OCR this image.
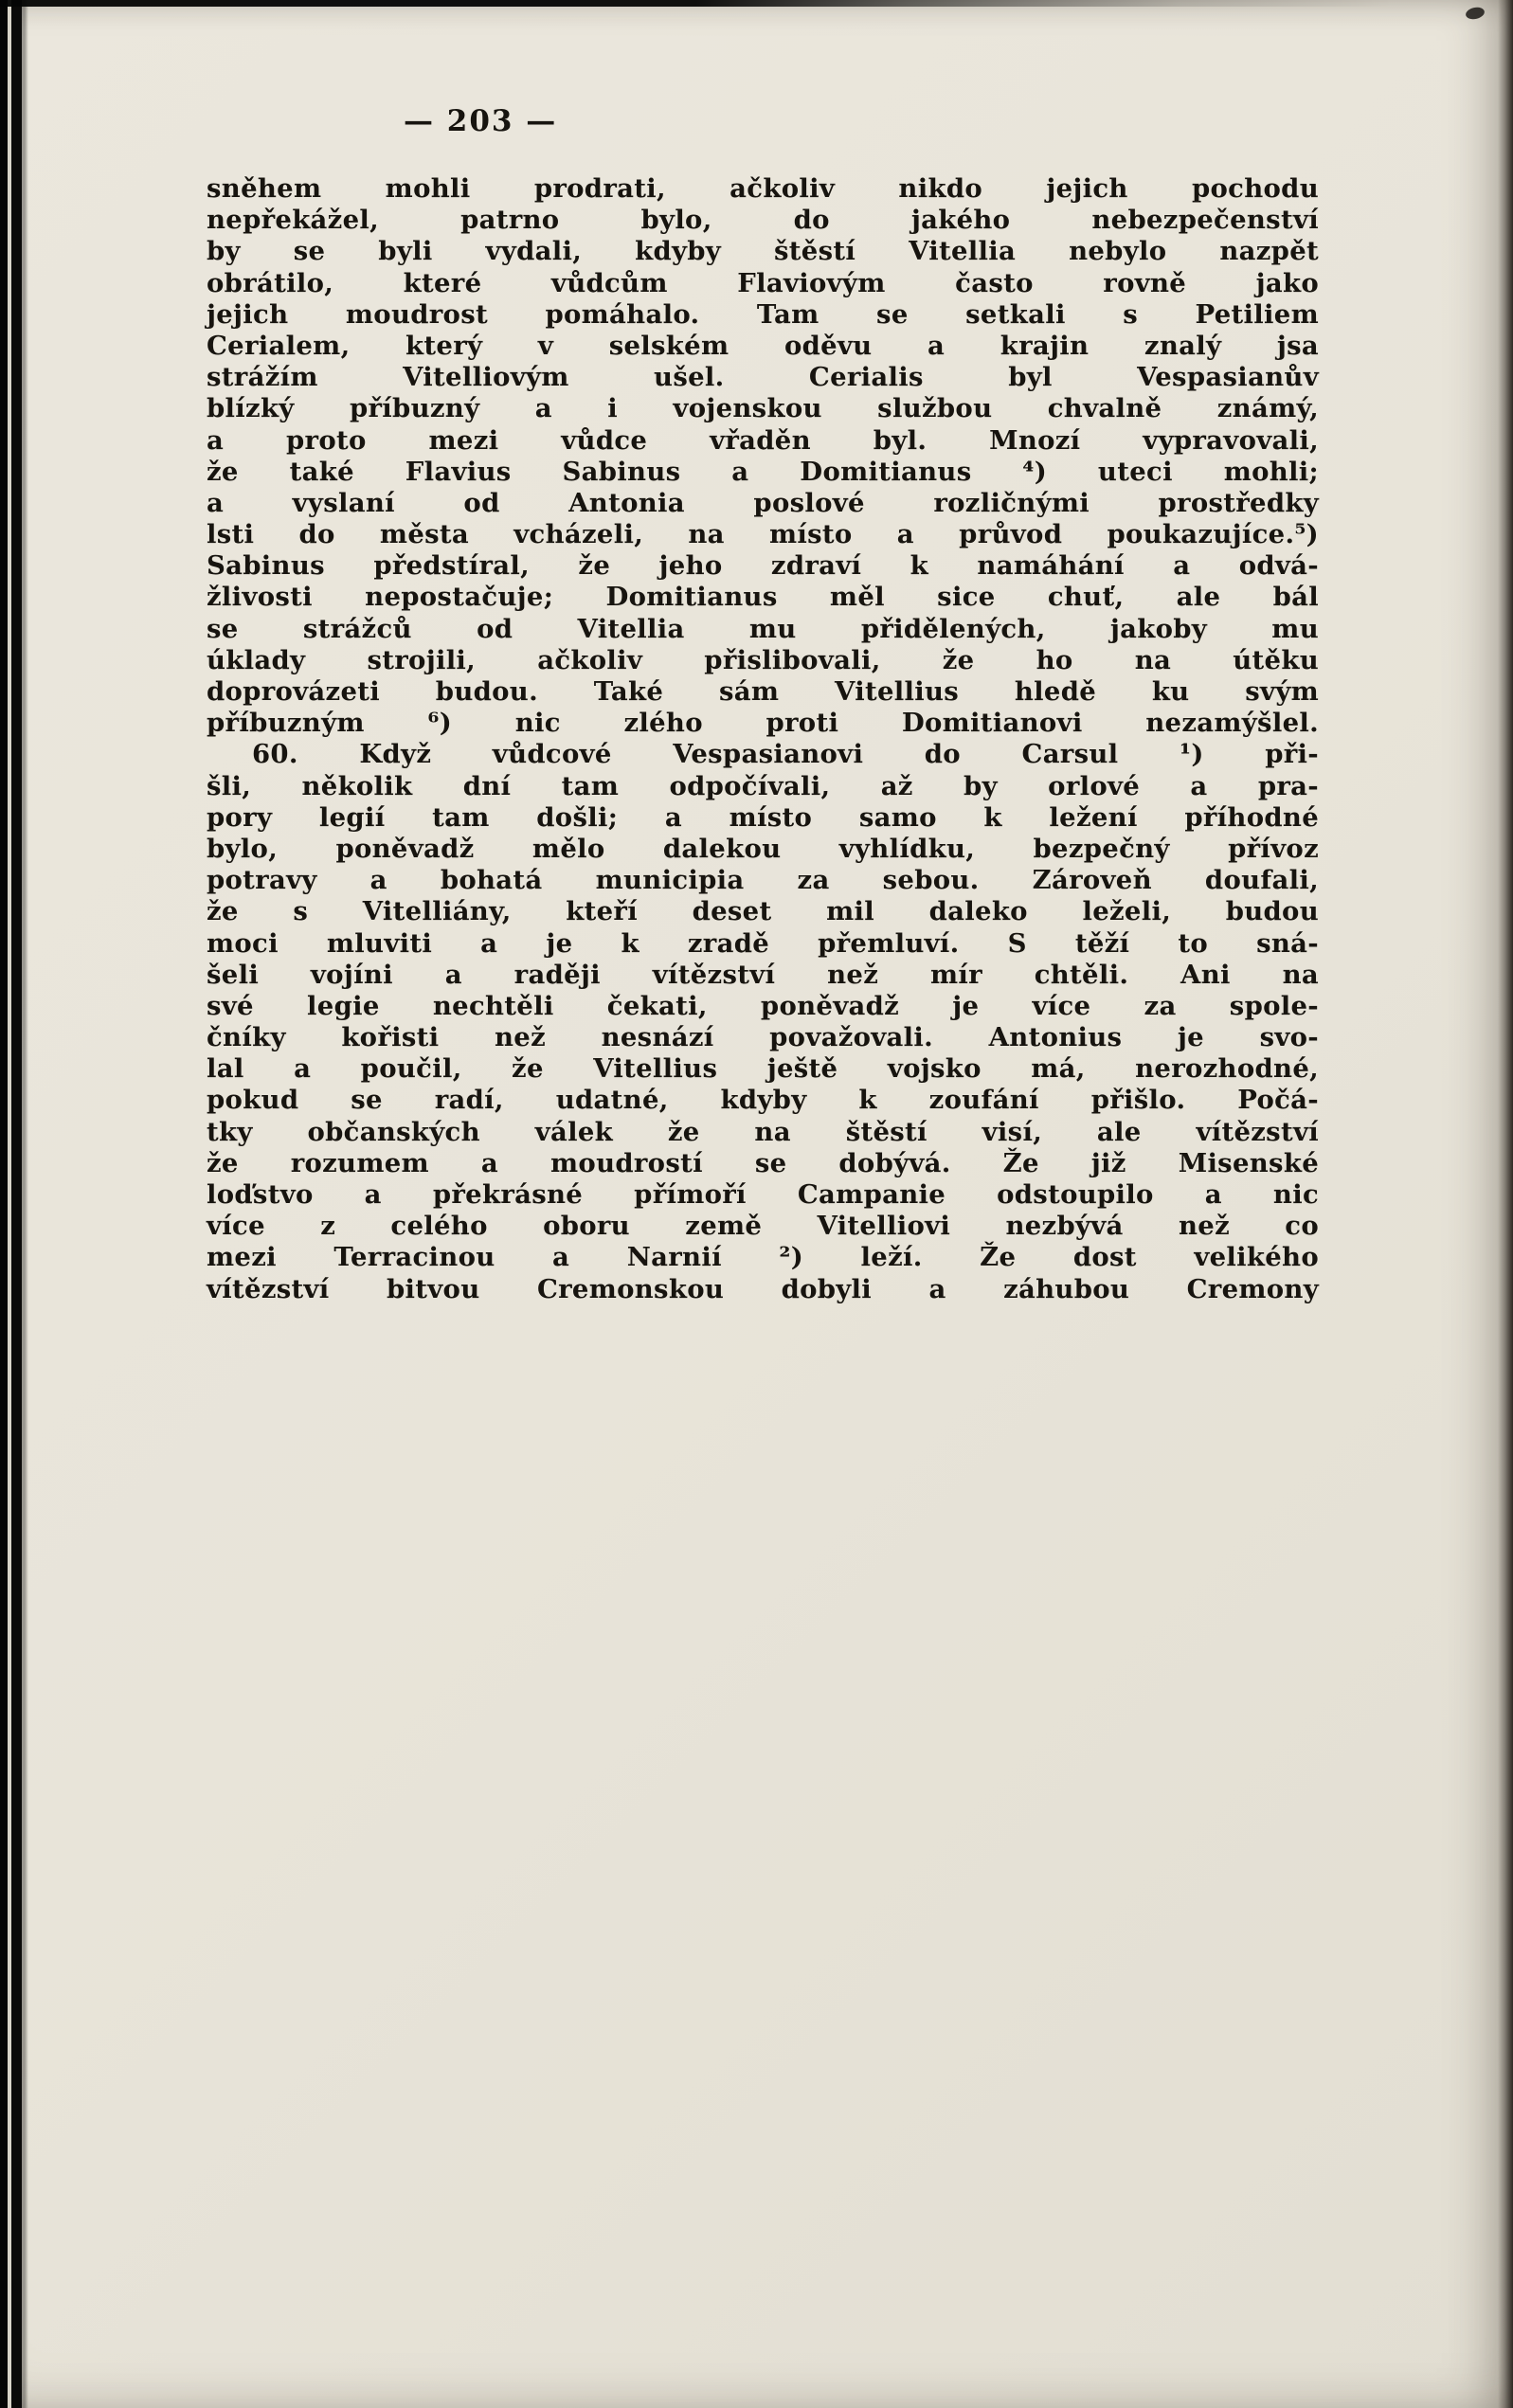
— 203 —
sněhem mohli prodrati, ačkoliv nikdo jejich pochodu
nepřekážel, patrno bylo, do jakého nebezpečenství
by se byli vydali, kdyby štěstí Vitellia nebylo nazpět
obrátilo, které vůdcům Flaviovým často rovně jako
jejich moudrost pomáhalo. Tam se setkali s Petiliem
Cerialem, který v selském oděvu a krajin znalý jsa
strážím Vitelliovým ušel. Cerialis byl Vespasianův
blízký příbuzný a i vojenskou službou chvalně známý,
a proto mezi vůdce vřaděn byl. Mnozí vypravovali,
že také Flavius Sabinus a Domitianus ⁴) uteci mohli;
a vyslaní od Antonia poslové rozličnými prostředky
lsti do města vcházeli, na místo a průvod poukazujíce.⁵)
Sabinus předstíral, že jeho zdraví k namáhání a odvá-
žlivosti nepostačuje; Domitianus měl sice chuť, ale bál
se strážců od Vitellia mu přidělených, jakoby mu
úklady strojili, ačkoliv přislibovali, že ho na útěku
doprovázeti budou. Také sám Vitellius hledě ku svým
příbuzným ⁶) nic zlého proti Domitianovi nezamýšlel.
60. Když vůdcové Vespasianovi do Carsul ¹) při-
šli, několik dní tam odpočívali, až by orlové a pra-
pory legií tam došli; a místo samo k ležení příhodné
bylo, poněvadž mělo dalekou vyhlídku, bezpečný přívoz
potravy a bohatá municipia za sebou. Zároveň doufali,
že s Vitelliány, kteří deset mil daleko leželi, budou
moci mluviti a je k zradě přemluví. S těží to sná-
šeli vojíni a raději vítězství než mír chtěli. Ani na
své legie nechtěli čekati, poněvadž je více za spole-
čníky kořisti než nesnází považovali. Antonius je svo-
lal a poučil, že Vitellius ještě vojsko má, nerozhodné,
pokud se radí, udatné, kdyby k zoufání přišlo. Počá-
tky občanských válek že na štěstí visí, ale vítězství
že rozumem a moudrostí se dobývá. Že již Misenské
loďstvo a překrásné přímoří Campanie odstoupilo a nic
více z celého oboru země Vitelliovi nezbývá než co
mezi Terracinou a Narnií ²) leží. Že dost velikého
vítězství bitvou Cremonskou dobyli a záhubou Cremony
